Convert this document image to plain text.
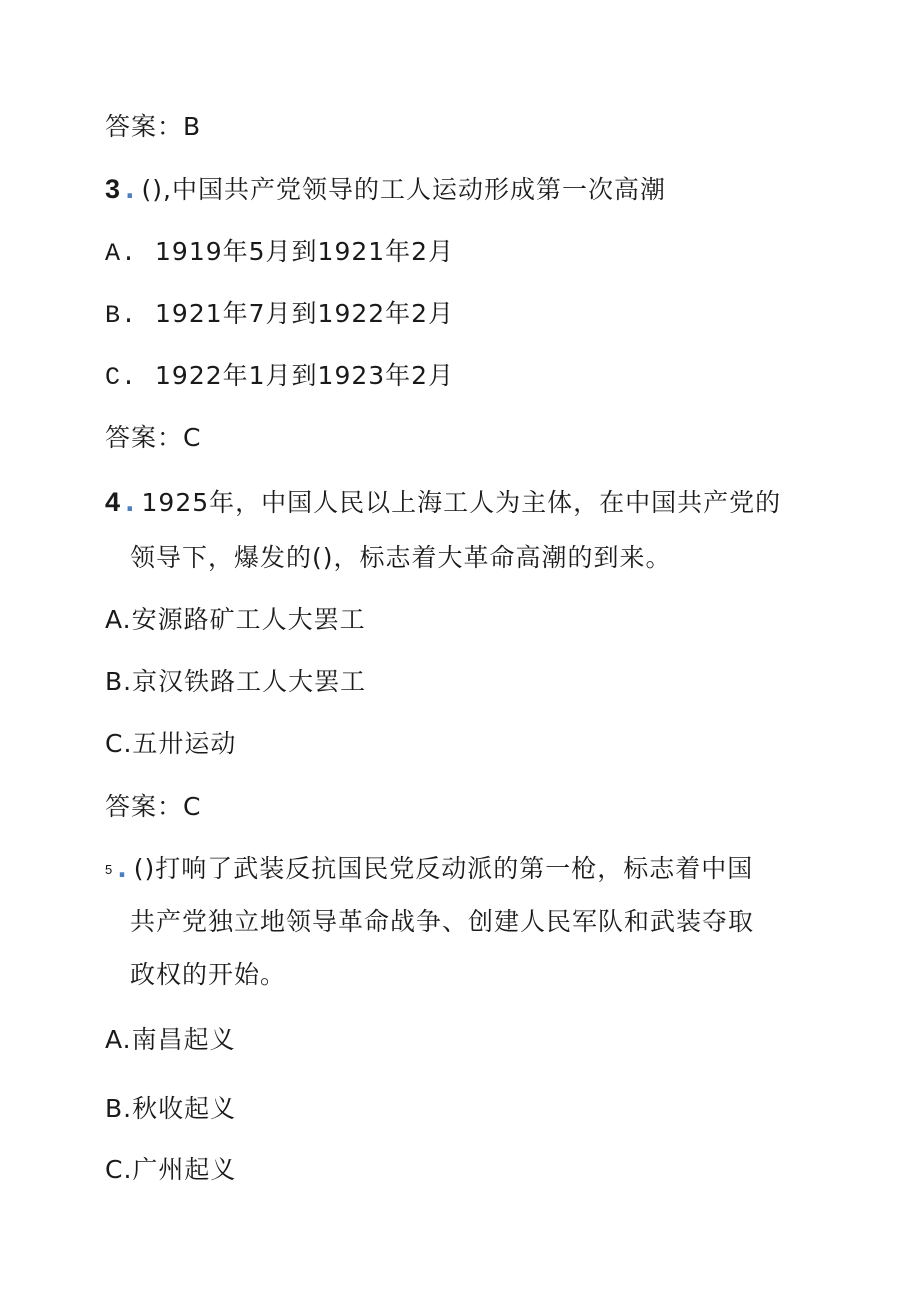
答案：B
3 . (),中国共产党领导的工人运动形成第一次高潮
A. 1919年5月到1921年2月
B. 1921年7月到1922年2月
C. 1922年1月到1923年2月
答案：C
4 . 1925年，中国人民以上海工人为主体，在中国共产党的
领导下，爆发的()，标志着大革命高潮的到来。
A.安源路矿工人大罢工
B.京汉铁路工人大罢工
C.五卅运动
答案：C
5 . ()打响了武装反抗国民党反动派的第一枪，标志着中国
共产党独立地领导革命战争、创建人民军队和武装夺取
政权的开始。
A.南昌起义
B.秋收起义
C.广州起义
